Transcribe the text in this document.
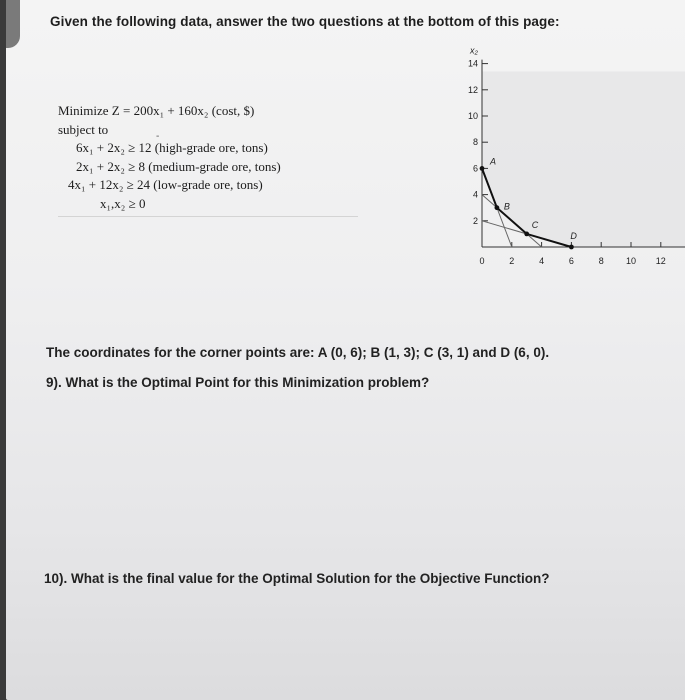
Given the following data, answer the two questions at the bottom of this page:
Minimize Z = 200x₁ + 160x₂ (cost, $)
subject to
6x₁ + 2x₂ ≥ 12 (high-grade ore, tons)
2x₁ + 2x₂ ≥ 8 (medium-grade ore, tons)
4x₁ + 12x₂ ≥ 24 (low-grade ore, tons)
x₁,x₂ ≥ 0
-
x₂
2
4
6
8
10
12
14
0	2	4	6	8 10 12
A
B
C
D
The coordinates for the corner points are: A (0, 6); B (1, 3); C (3, 1) and D (6, 0).
9). What is the Optimal Point for this Minimization problem?
10). What is the final value for the Optimal Solution for the Objective Function?
